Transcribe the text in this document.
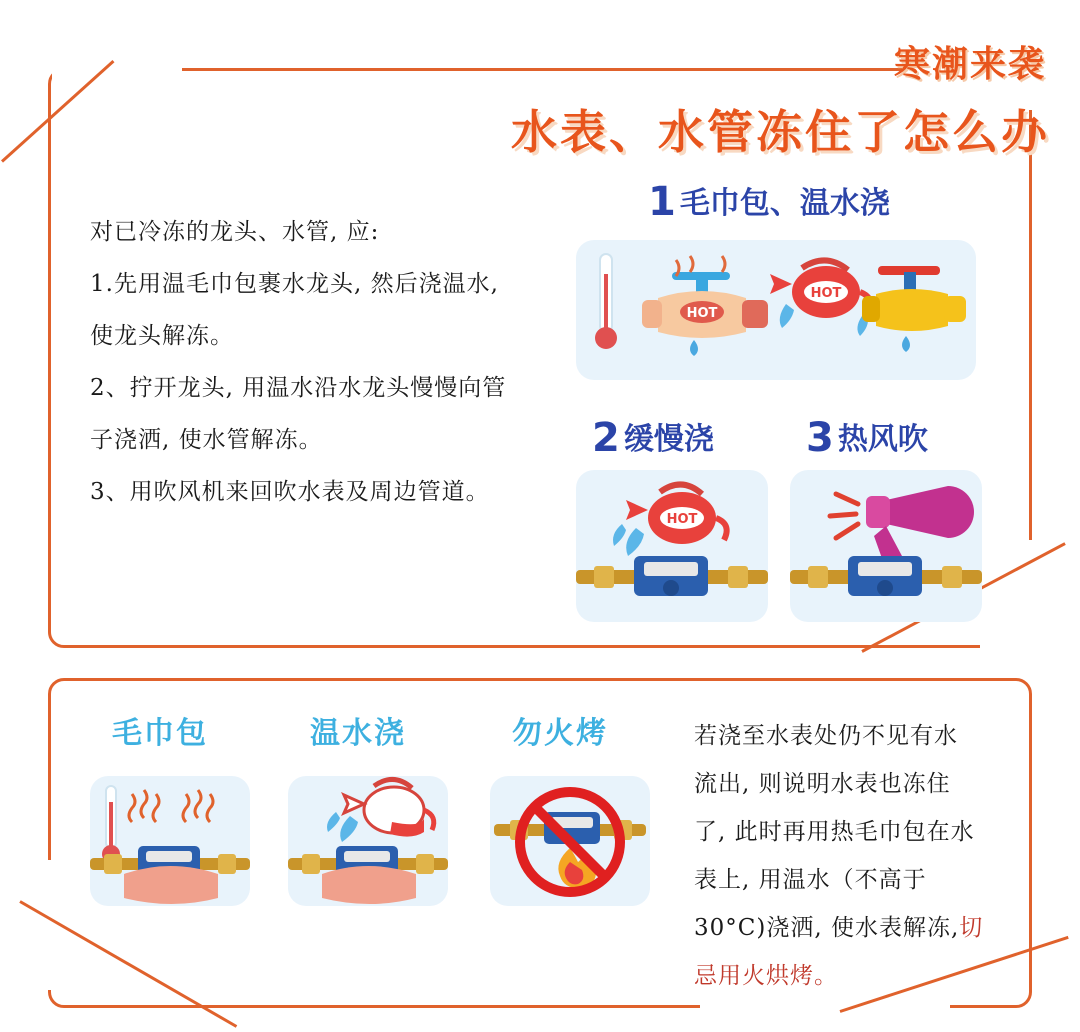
寒潮来袭
水表、水管冻住了怎么办

对已冷冻的龙头、水管, 应:

1.先用温毛巾包裹水龙头, 然后浇温水,

使龙头解冻。

2、拧开龙头, 用温水沿水龙头慢慢向管

子浇洒, 使水管解冻。

3、用吹风机来回吹水表及周边管道。

1 毛巾包、温水浇
HOT
HOT
2 缓慢浇
HOT
3 热风吹
毛巾包	温水浇	勿火烤	若浇至水表处仍不见有水
流出, 则说明水表也冻住
了, 此时再用热毛巾包在水
表上, 用温水（不高于
30°C)浇洒, 使水表解冻,切
忌用火烘烤。
